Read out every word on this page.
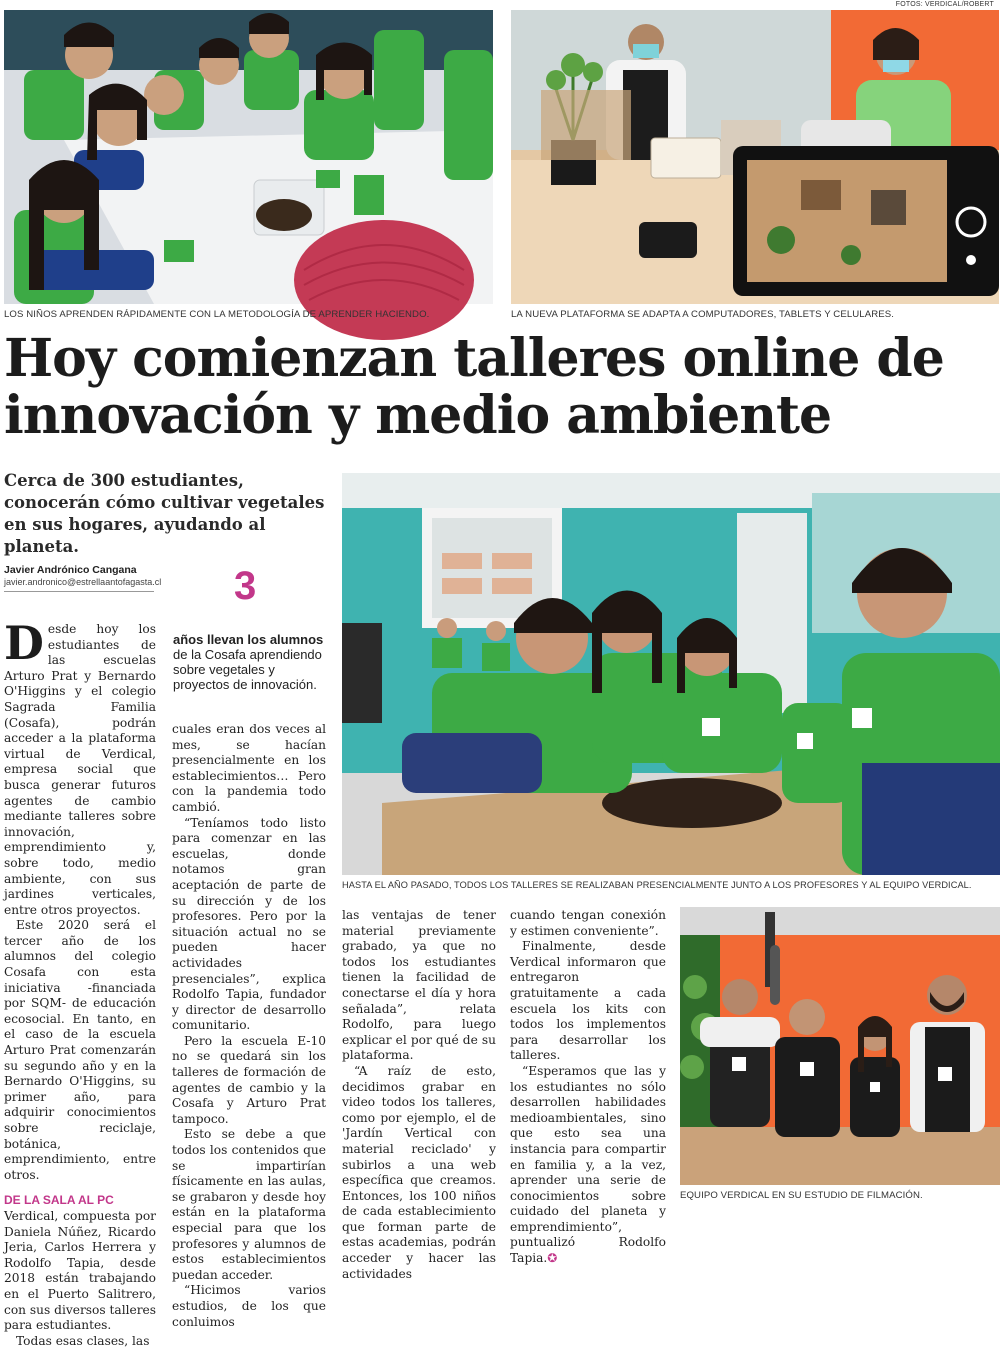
FOTOS: VERDICAL/ROBERT
LOS NIÑOS APRENDEN RÁPIDAMENTE CON LA METODOLOGÍA DE APRENDER HACIENDO.	LA NUEVA PLATAFORMA SE ADAPTA A COMPUTADORES, TABLETS Y CELULARES.
Hoy comienzan talleres online de
innovación y medio ambiente
Cerca de 300 estudiantes, conocerán cómo cultivar vegetales en sus hogares, ayudando al planeta.
Javier Andrónico Cangana
javier.andronico@estrellaantofagasta.cl 3
años llevan los alumnos de la Cosafa aprendiendo sobre vegetales y proyectos de innovación.
HASTA EL AÑO PASADO, TODOS LOS TALLERES SE REALIZABAN PRESENCIALMENTE JUNTO A LOS PROFESORES Y AL EQUIPO VERDICAL.
EQUIPO VERDICAL EN SU ESTUDIO DE FILMACIÓN.

Desde hoy los estudiantes de las escuelas Arturo Prat y Bernardo O'Higgins y el colegio Sagrada Familia (Cosafa), podrán acceder a la plataforma virtual de Verdical, empresa social que busca generar futuros agentes de cambio mediante talleres sobre innovación, emprendimiento y, sobre todo, medio ambiente, con sus jardines verticales, entre otros proyectos.

Este 2020 será el tercer año de los alumnos del colegio Cosafa con esta iniciativa -financiada por SQM- de educación ecosocial. En tanto, en el caso de la escuela Arturo Prat comenzarán su segundo año y en la Bernardo O'Higgins, su primer año, para adquirir conocimientos sobre reciclaje, botánica, emprendimiento, entre otros.

DE LA SALA AL PC

Verdical, compuesta por Daniela Núñez, Ricardo Jeria, Carlos Herrera y Rodolfo Tapia, desde 2018 están trabajando en el Puerto Salitrero, con sus diversos talleres para estudiantes.

Todas esas clases, las

cuales eran dos veces al mes, se hacían presencialmente en los establecimientos… Pero con la pandemia todo cambió.

“Teníamos todo listo para comenzar en las escuelas, donde notamos gran aceptación de parte de su dirección y de los profesores. Pero por la situación actual no se pueden hacer actividades presenciales”, explica Rodolfo Tapia, fundador y director de desarrollo comunitario.

Pero la escuela E-10 no se quedará sin los talleres de formación de agentes de cambio y la Cosafa y Arturo Prat tampoco.

Esto se debe a que todos los contenidos que se impartirían físicamente en las aulas, se grabaron y desde hoy están en la plataforma especial para que los profesores y alumnos de estos establecimientos puedan acceder.

“Hicimos varios estudios, de los que conluimos

las ventajas de tener material previamente grabado, ya que no todos los estudiantes tienen la facilidad de conectarse el día y hora señalada”, relata Rodolfo, para luego explicar el por qué de su plataforma.

“A raíz de esto, decidimos grabar en video todos los talleres, como por ejemplo, el de 'Jardín Vertical con material reciclado' y subirlos a una web específica que creamos. Entonces, los 100 niños de cada establecimiento que forman parte de estas academias, podrán acceder y hacer las actividades

cuando tengan conexión y estimen conveniente”.

Finalmente, desde Verdical informaron que entregaron gratuitamente a cada escuela los kits con todos los implementos para desarrollar los talleres.

“Esperamos que las y los estudiantes no sólo desarrollen habilidades medioambientales, sino que esto sea una instancia para compartir en familia y, a la vez, aprender una serie de conocimientos sobre cuidado del planeta y emprendimiento”, puntualizó Rodolfo Tapia.✪
